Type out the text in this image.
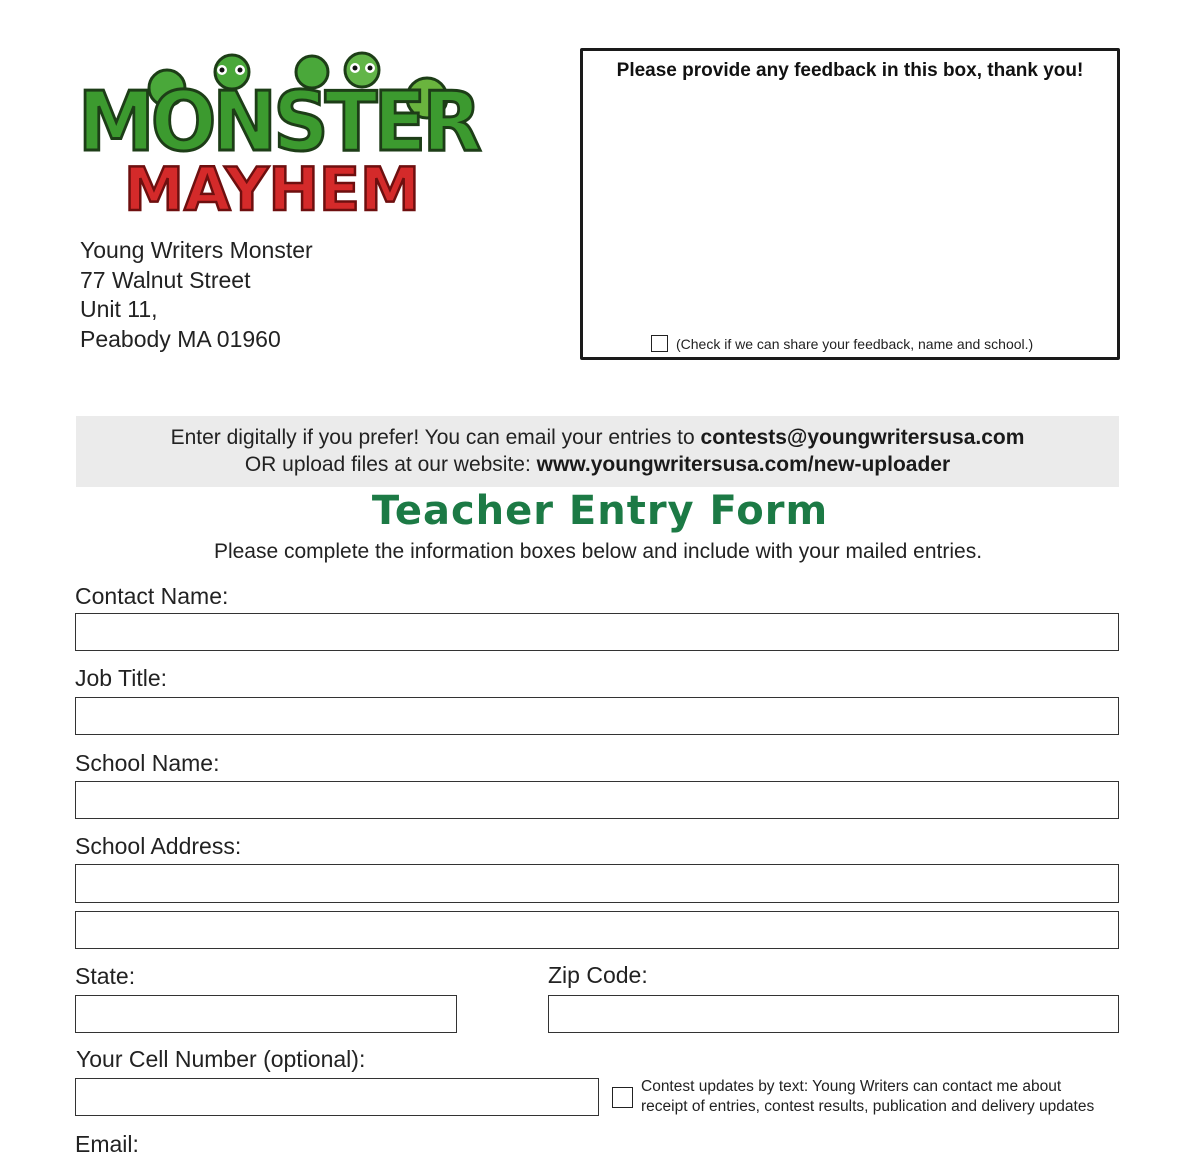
MONSTER
MAYHEM
Young Writers Monster
77 Walnut Street
Unit 11,
Peabody MA 01960
Please provide any feedback in this box, thank you!
(Check if we can share your feedback, name and school.)
Enter digitally if you prefer! You can email your entries to contests@youngwritersusa.com
OR upload files at our website: www.youngwritersusa.com/new-uploader
Teacher Entry Form
Please complete the information boxes below and include with your mailed entries.
Contact Name:
Job Title:
School Name:
School Address:
State:	Zip Code:
Your Cell Number (optional):
Contest updates by text: Young Writers can contact me about
receipt of entries, contest results, publication and delivery updates
Email:
